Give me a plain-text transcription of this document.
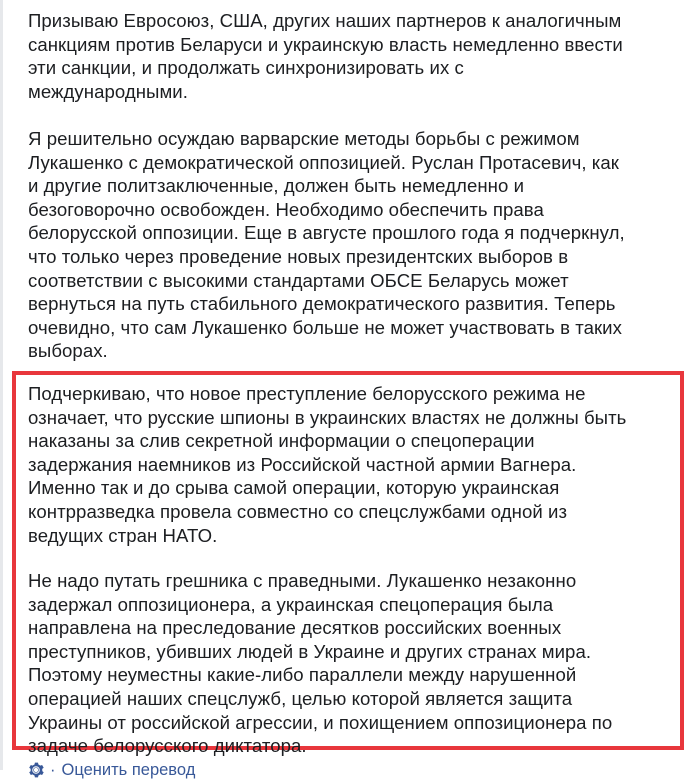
Призываю Евросоюз, США, других наших партнеров к аналогичным
санкциям против Беларуси и украинскую власть немедленно ввести
эти санкции, и продолжать синхронизировать их с
международными.

Я решительно осуждаю варварские методы борьбы с режимом
Лукашенко с демократической оппозицией. Руслан Протасевич, как
и другие политзаключенные, должен быть немедленно и
безоговорочно освобожден. Необходимо обеспечить права
белорусской оппозиции. Еще в августе прошлого года я подчеркнул,
что только через проведение новых президентских выборов в
соответствии с высокими стандартами ОБСЕ Беларусь может
вернуться на путь стабильного демократического развития. Теперь
очевидно, что сам Лукашенко больше не может участвовать в таких
выборах.

Подчеркиваю, что новое преступление белорусского режима не
означает, что русские шпионы в украинских властях не должны быть
наказаны за слив секретной информации о спецоперации
задержания наемников из Российской частной армии Вагнера.
Именно так и до срыва самой операции, которую украинская
контрразведка провела совместно со спецслужбами одной из
ведущих стран НАТО.

Не надо путать грешника с праведными. Лукашенко незаконно
задержал оппозиционера, а украинская спецоперация была
направлена на преследование десятков российских военных
преступников, убивших людей в Украине и других странах мира.
Поэтому неуместны какие-либо параллели между нарушенной
операцией наших спецслужб, целью которой является защита
Украины от российской агрессии, и похищением оппозиционера по
задаче белорусского диктатора.

· Оценить перевод
